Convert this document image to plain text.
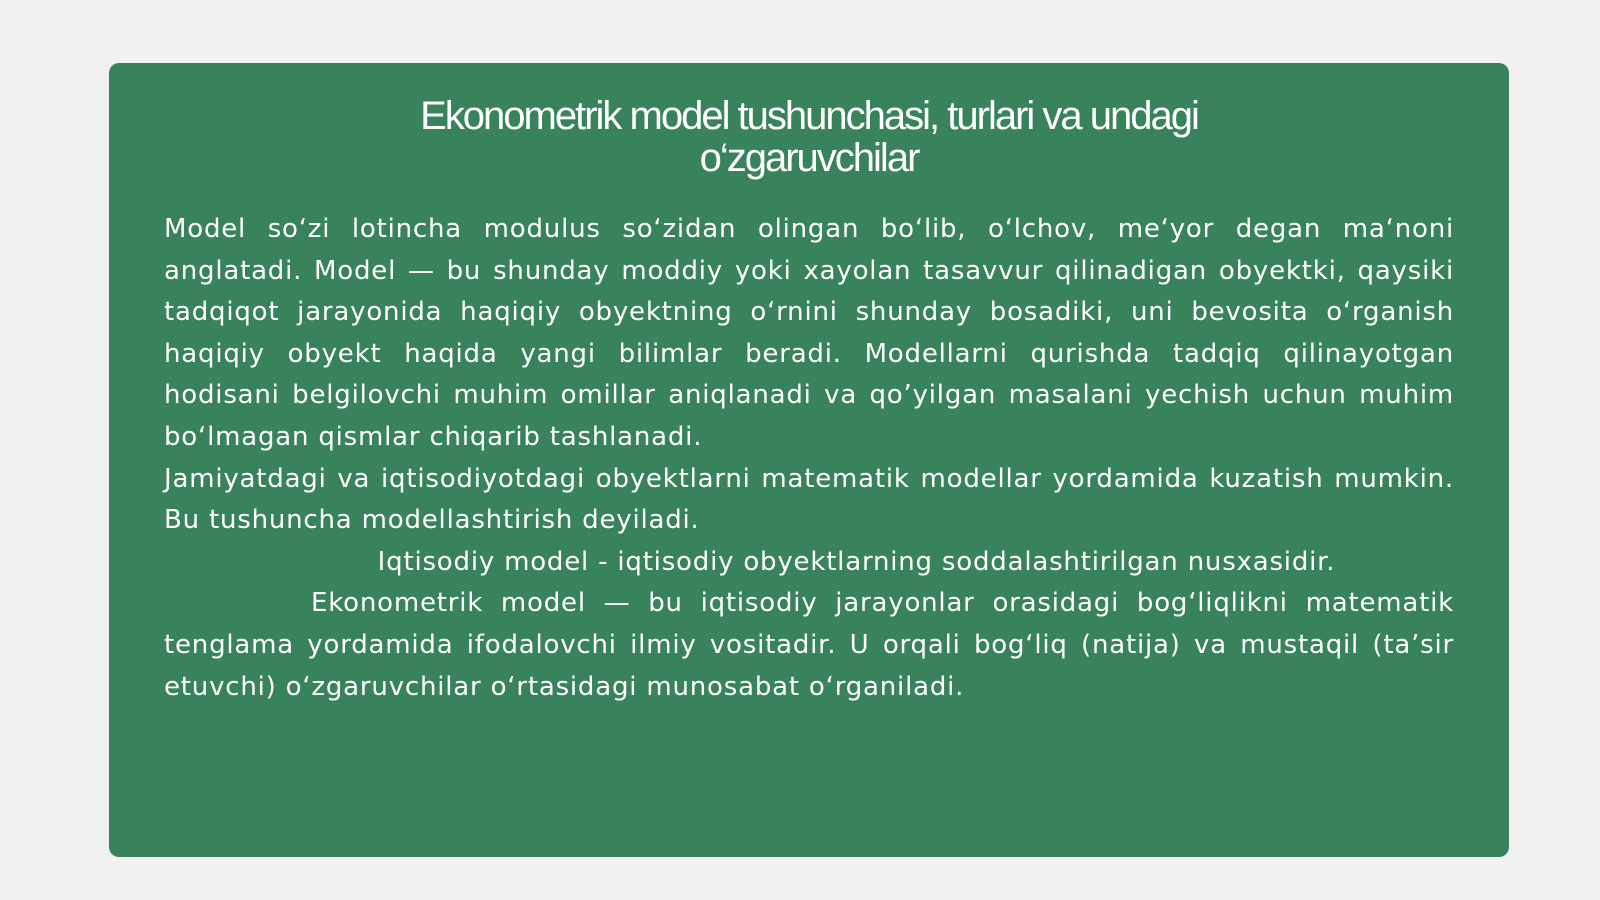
Ekonometrik model tushunchasi, turlari va undagi
o‘zgaruvchilar

Model so‘zi lotincha modulus so‘zidan olingan bo‘lib, o‘lchov, me‘yor degan ma‘noni anglatadi. Model — bu shunday moddiy yoki xayolan tasavvur qilinadigan obyektki, qaysiki tadqiqot jarayonida haqiqiy obyektning o‘rnini shunday bosadiki, uni bevosita o‘rganish haqiqiy obyekt haqida yangi bilimlar beradi. Modellarni qurishda tadqiq qilinayotgan hodisani belgilovchi muhim omillar aniqlanadi va qo’yilgan masalani yechish uchun muhim bo‘lmagan qismlar chiqarib tashlanadi.

Jamiyatdagi va iqtisodiyotdagi obyektlarni matematik modellar yordamida kuzatish mumkin. Bu tushuncha modellashtirish deyiladi.

Iqtisodiy model - iqtisodiy obyektlarning soddalashtirilgan nusxasidir.

Ekonometrik model — bu iqtisodiy jarayonlar orasidagi bog‘liqlikni matematik tenglama yordamida ifodalovchi ilmiy vositadir. U orqali bog‘liq (natija) va mustaqil (ta’sir etuvchi) o‘zgaruvchilar o‘rtasidagi munosabat o‘rganiladi.
